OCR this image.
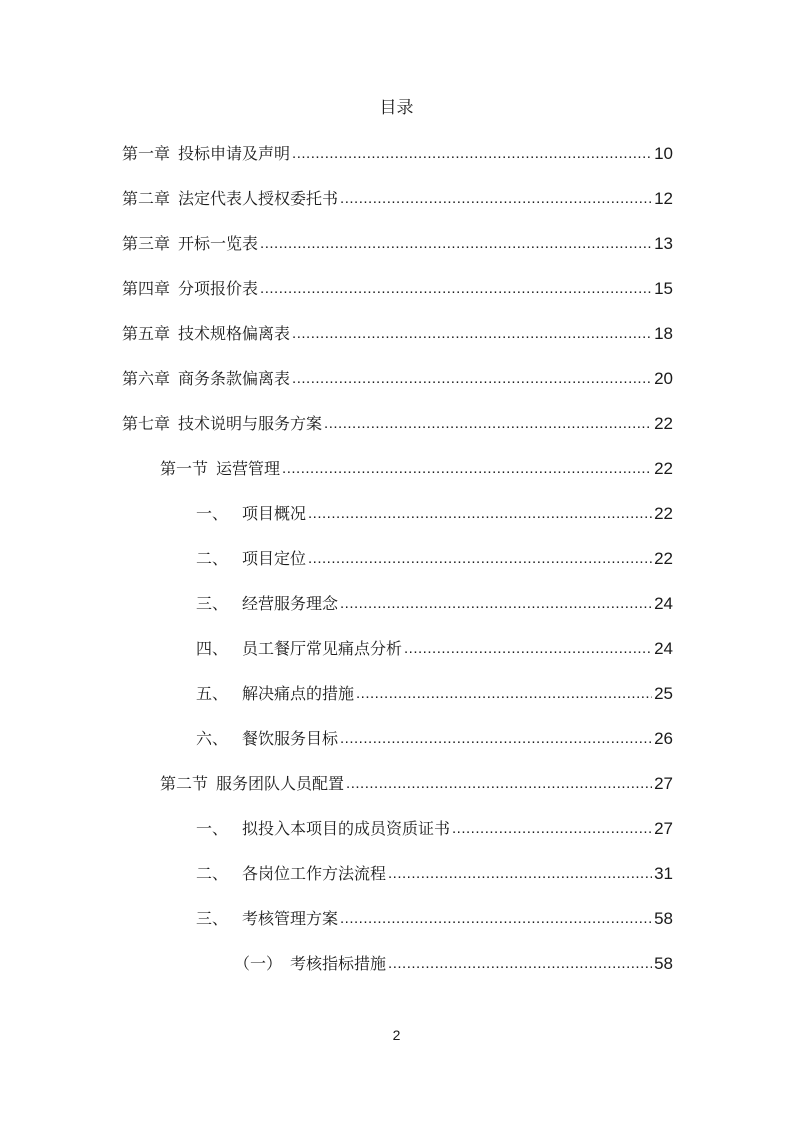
目录
第一章 投标申请及声明 .....	10
第二章 法定代表人授权委托书 .....	12
第三章 开标一览表 .....	13
第四章 分项报价表 .....	15
第五章 技术规格偏离表 .....	18
第六章 商务条款偏离表 .....	20
第七章 技术说明与服务方案 .....	22
第一节 运营管理 .....	22
一、 项目概况 .....	22
二、 项目定位 .....	22
三、 经营服务理念 .....	24
四、 员工餐厅常见痛点分析 .....	24
五、 解决痛点的措施 .....	25
六、 餐饮服务目标 .....	26
第二节 服务团队人员配置 .....	27
一、 拟投入本项目的成员资质证书 .....	27
二、 各岗位工作方法流程 .....	31
三、 考核管理方案 .....	58
（一） 考核指标措施 .....	58
2
